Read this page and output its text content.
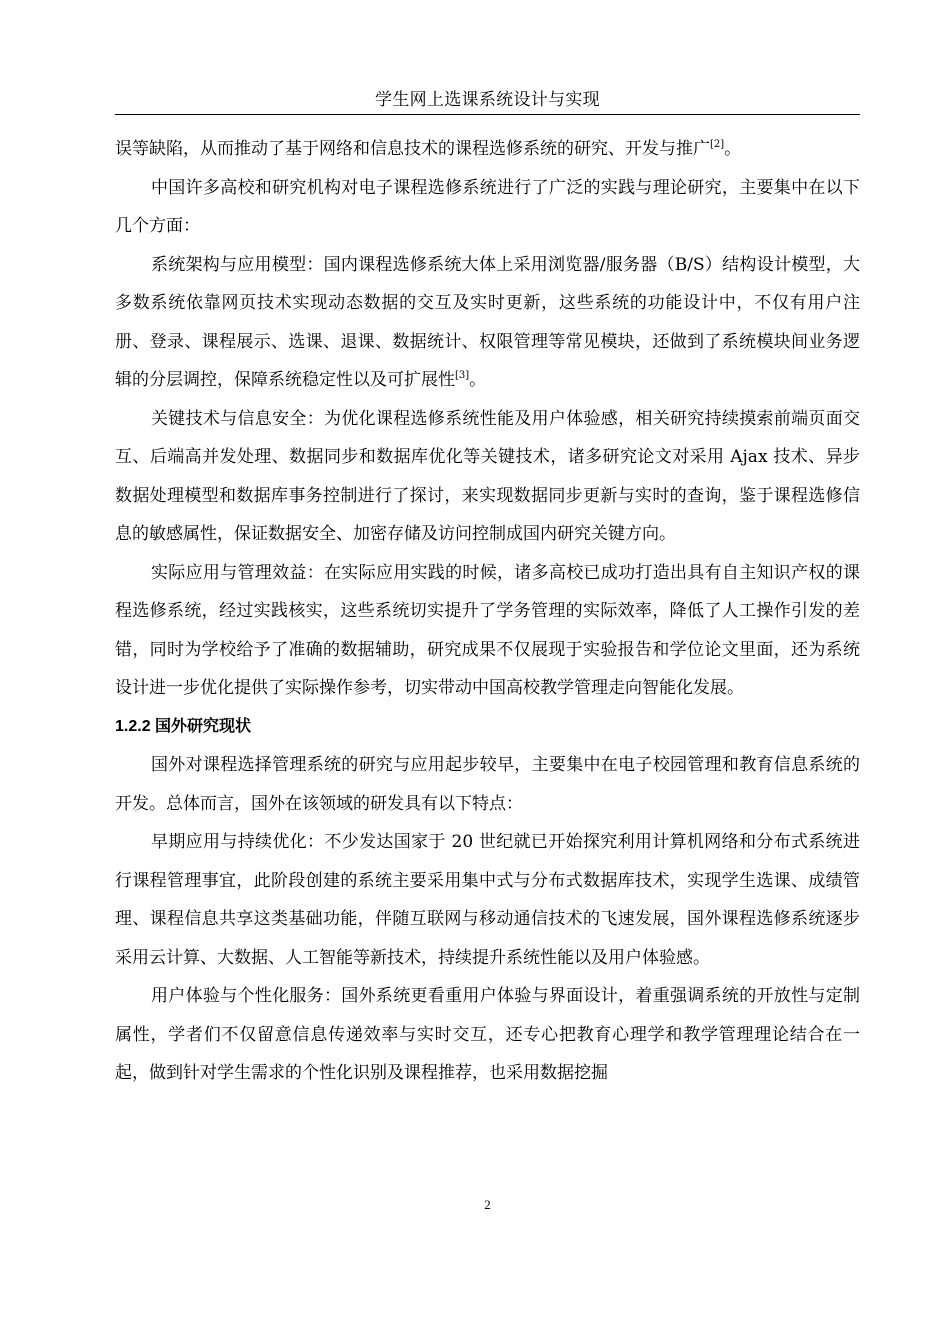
学生网上选课系统设计与实现

误等缺陷，从而推动了基于网络和信息技术的课程选修系统的研究、开发与推广[2]。

中国许多高校和研究机构对电子课程选修系统进行了广泛的实践与理论研究，主要集中在以下几个方面：

系统架构与应用模型：国内课程选修系统大体上采用浏览器/服务器（B/S）结构设计模型，大多数系统依靠网页技术实现动态数据的交互及实时更新，这些系统的功能设计中，不仅有用户注册、登录、课程展示、选课、退课、数据统计、权限管理等常见模块，还做到了系统模块间业务逻辑的分层调控，保障系统稳定性以及可扩展性[3]。

关键技术与信息安全：为优化课程选修系统性能及用户体验感，相关研究持续摸索前端页面交互、后端高并发处理、数据同步和数据库优化等关键技术，诸多研究论文对采用 Ajax 技术、异步数据处理模型和数据库事务控制进行了探讨，来实现数据同步更新与实时的查询，鉴于课程选修信息的敏感属性，保证数据安全、加密存储及访问控制成国内研究关键方向。

实际应用与管理效益：在实际应用实践的时候，诸多高校已成功打造出具有自主知识产权的课程选修系统，经过实践核实，这些系统切实提升了学务管理的实际效率，降低了人工操作引发的差错，同时为学校给予了准确的数据辅助，研究成果不仅展现于实验报告和学位论文里面，还为系统设计进一步优化提供了实际操作参考，切实带动中国高校教学管理走向智能化发展。

1.2.2 国外研究现状

国外对课程选择管理系统的研究与应用起步较早，主要集中在电子校园管理和教育信息系统的开发。总体而言，国外在该领域的研发具有以下特点：

早期应用与持续优化：不少发达国家于 20 世纪就已开始探究利用计算机网络和分布式系统进行课程管理事宜，此阶段创建的系统主要采用集中式与分布式数据库技术，实现学生选课、成绩管理、课程信息共享这类基础功能，伴随互联网与移动通信技术的飞速发展，国外课程选修系统逐步采用云计算、大数据、人工智能等新技术，持续提升系统性能以及用户体验感。

用户体验与个性化服务：国外系统更看重用户体验与界面设计，着重强调系统的开放性与定制属性，学者们不仅留意信息传递效率与实时交互，还专心把教育心理学和教学管理理论结合在一起，做到针对学生需求的个性化识别及课程推荐，也采用数据挖掘

2
